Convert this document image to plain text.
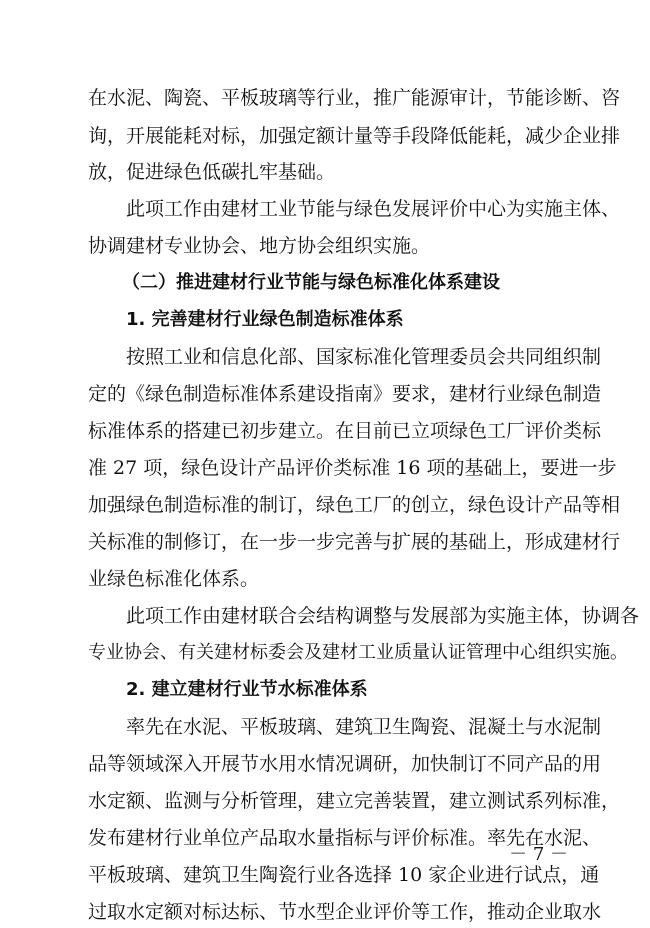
在水泥、陶瓷、平板玻璃等行业，推广能源审计，节能诊断、咨
询，开展能耗对标，加强定额计量等手段降低能耗，减少企业排
放，促进绿色低碳扎牢基础。
此项工作由建材工业节能与绿色发展评价中心为实施主体、
协调建材专业协会、地方协会组织实施。
（二）推进建材行业节能与绿色标准化体系建设
1. 完善建材行业绿色制造标准体系
按照工业和信息化部、国家标准化管理委员会共同组织制
定的《绿色制造标准体系建设指南》要求，建材行业绿色制造
标准体系的搭建已初步建立。在目前已立项绿色工厂评价类标
准 27 项，绿色设计产品评价类标准 16 项的基础上，要进一步
加强绿色制造标准的制订，绿色工厂的创立，绿色设计产品等相
关标准的制修订，在一步一步完善与扩展的基础上，形成建材行
业绿色标准化体系。
此项工作由建材联合会结构调整与发展部为实施主体，协调各
专业协会、有关建材标委会及建材工业质量认证管理中心组织实施。
2. 建立建材行业节水标准体系
率先在水泥、平板玻璃、建筑卫生陶瓷、混凝土与水泥制
品等领域深入开展节水用水情况调研，加快制订不同产品的用
水定额、监测与分析管理，建立完善装置，建立测试系列标准，
发布建材行业单位产品取水量指标与评价标准。率先在水泥、
平板玻璃、建筑卫生陶瓷行业各选择 10 家企业进行试点，通
过取水定额对标达标、节水型企业评价等工作，推动企业取水
－ 7 －
